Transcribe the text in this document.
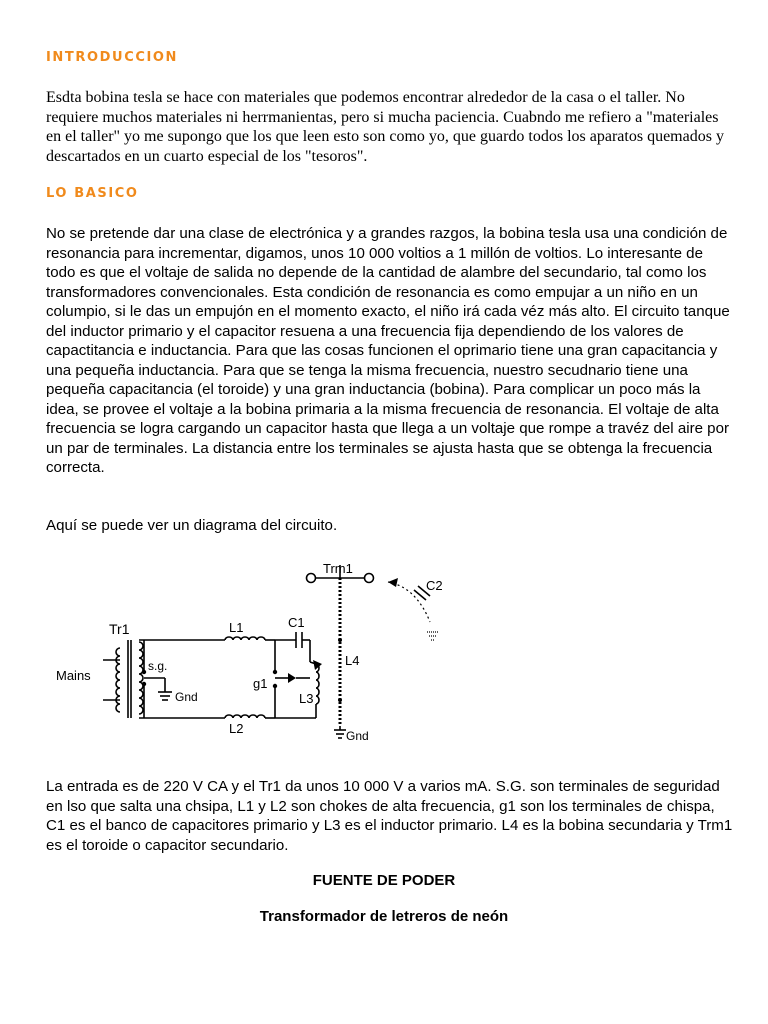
INTRODUCCION

Esdta bobina tesla se hace con materiales que podemos encontrar alrededor de la casa o el taller. No requiere muchos materiales ni herrmanientas, pero si mucha paciencia. Cuabndo me refiero a "materiales en el taller" yo me supongo que los que leen esto son como yo, que guardo todos los aparatos quemados y descartados en un cuarto especial de los "tesoros".

LO BASICO

No se pretende dar una clase de electrónica y a grandes razgos, la bobina tesla usa una condición de resonancia para incrementar, digamos, unos 10 000 voltios a 1 millón de voltios. Lo interesante de todo es que el voltaje de salida no depende de la cantidad de alambre del secundario, tal como los transformadores convencionales. Esta condición de resonancia es como empujar a un niño en un columpio, si le das un empujón en el momento exacto, el niño irá cada véz más alto. El circuito tanque del inductor primario y el capacitor resuena a una frecuencia fija dependiendo de los valores de capactitancia e inductancia. Para que las cosas funcionen el oprimario tiene una gran capacitancia y una pequeña inductancia. Para que se tenga la misma frecuencia, nuestro secudnario tiene una pequeña capacitancia (el toroide) y una gran inductancia (bobina). Para complicar un poco más la idea, se provee el voltaje a la bobina primaria a la misma frecuencia de resonancia. El voltaje de alta frecuencia se logra cargando un capacitor hasta que llega a un voltaje que rompe a travéz del aire por un par de terminales. La distancia entre los terminales se ajusta hasta que se obtenga la frecuencia correcta.

Aquí se puede ver un diagrama del circuito.

Tr1
Mains
s.g.
Gnd
L1
L2
C1
g1
L3
L4
Trm1
C2
Gnd

La entrada es de 220 V CA y el Tr1 da unos 10 000 V a varios mA. S.G. son terminales de seguridad en lso que salta una chsipa, L1 y L2 son chokes de alta frecuencia, g1 son los terminales de chispa, C1 es el banco de capacitores primario y L3 es el inductor primario. L4 es la bobina secundaria y Trm1 es el toroide o capacitor secundario.

FUENTE DE PODER
Transformador de letreros de neón
